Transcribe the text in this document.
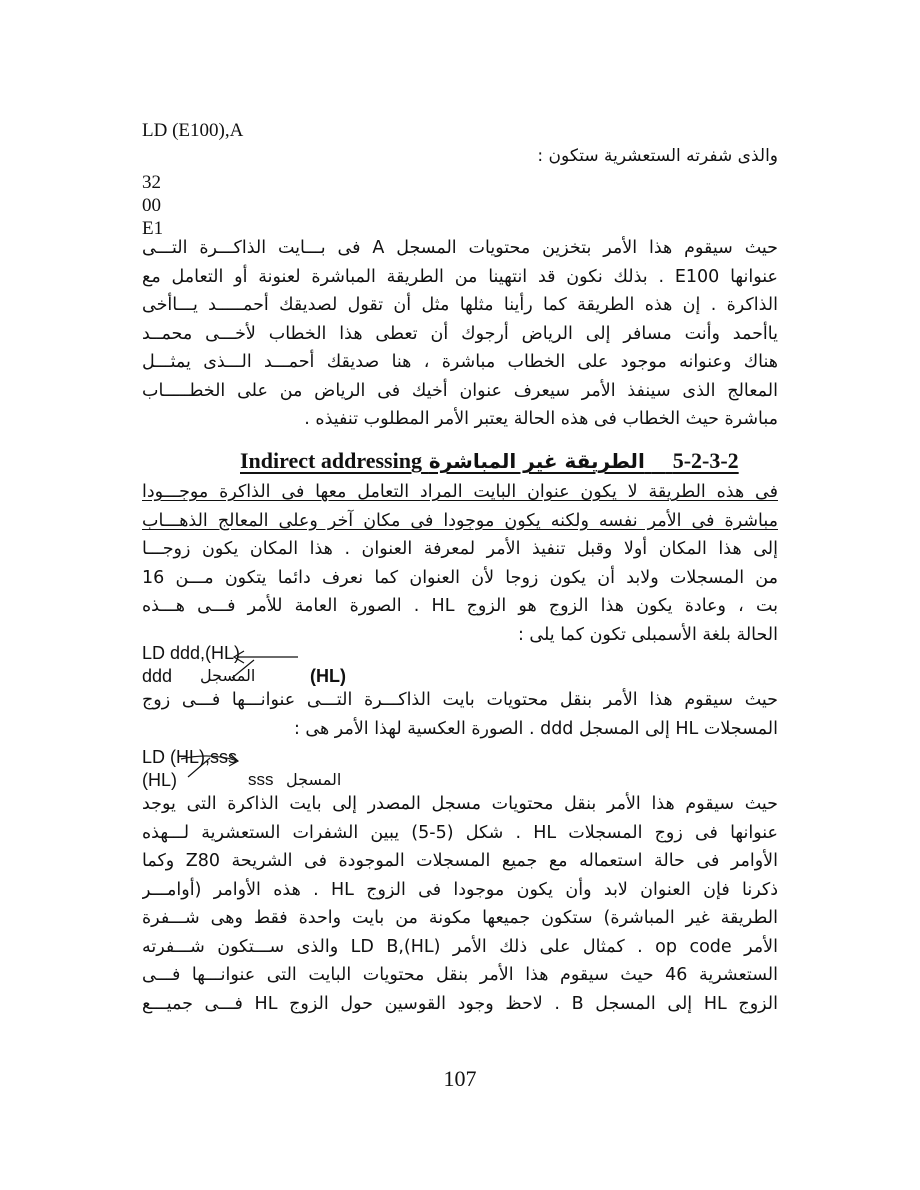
LD (E100),A
والذى شفرته الستعشرية ستكون :
32
00
E1
حيث سيقوم هذا الأمر بتخزين محتويات المسجل A فى بـــايت الذاكـــرة التـــى
عنوانها E100 . بذلك نكون قد انتهينا من الطريقة المباشرة لعنونة أو التعامل مع
الذاكرة . إن هذه الطريقة كما رأينا مثلها مثل أن تقول لصديقك أحمـــــد يـــاأخى
ياأحمد وأنت مسافر إلى الرياض أرجوك أن تعطى هذا الخطاب لأخـــى محمــد
هناك وعنوانه موجود على الخطاب مباشرة ، هنا صديقك أحمـــد الـــذى يمثـــل
المعالج الذى سينفذ الأمر سيعرف عنوان أخيك فى الرياض من على الخطـــــاب
مباشرة حيث الخطاب فى هذه الحالة يعتبر الأمر المطلوب تنفيذه .
5-2-3-2    الطريقة غير المباشرة Indirect addressing
فى هذه الطريقة لا يكون عنوان البايت المراد التعامل معها فى الذاكرة موجـــودا
مباشرة فى الأمر نفسه ولكنه يكون موجودا فى مكان آخر وعلى المعالج الذهـــاب
إلى هذا المكان أولا وقبل تنفيذ الأمر لمعرفة العنوان . هذا المكان يكون زوجـــا
من المسجلات ولابد أن يكون زوجا لأن العنوان كما نعرف دائما يتكون مـــن 16
بت ، وعادة يكون هذا الزوج هو الزوج HL . الصورة العامة للأمر فـــى هـــذه
الحالة بلغة الأسمبلى تكون كما يلى :
LD ddd,(HL)
ddd المسجل	(HL)
حيث سيقوم هذا الأمر بنقل محتويات بايت الذاكـــرة التـــى عنوانـــها فـــى زوج
المسجلات HL إلى المسجل ddd . الصورة العكسية لهذا الأمر هى :
LD (HL),sss
(HL)	sss المسجل
حيث سيقوم هذا الأمر بنقل محتويات مسجل المصدر إلى بايت الذاكرة التى يوجد
عنوانها فى زوج المسجلات HL . شكل (5-5) يبين الشفرات الستعشرية لـــهذه
الأوامر فى حالة استعماله مع جميع المسجلات الموجودة فى الشريحة Z80 وكما
ذكرنا فإن العنوان لابد وأن يكون موجودا فى الزوج HL . هذه الأوامر (أوامـــر
الطريقة غير المباشرة) ستكون جميعها مكونة من بايت واحدة فقط وهى شـــفرة
الأمر op code . كمثال على ذلك الأمر LD B,(HL) والذى ســـتكون شـــفرته
الستعشرية 46 حيث سيقوم هذا الأمر بنقل محتويات البايت التى عنوانـــها فـــى
الزوج HL إلى المسجل B . لاحظ وجود القوسين حول الزوج HL فـــى جميـــع
107
